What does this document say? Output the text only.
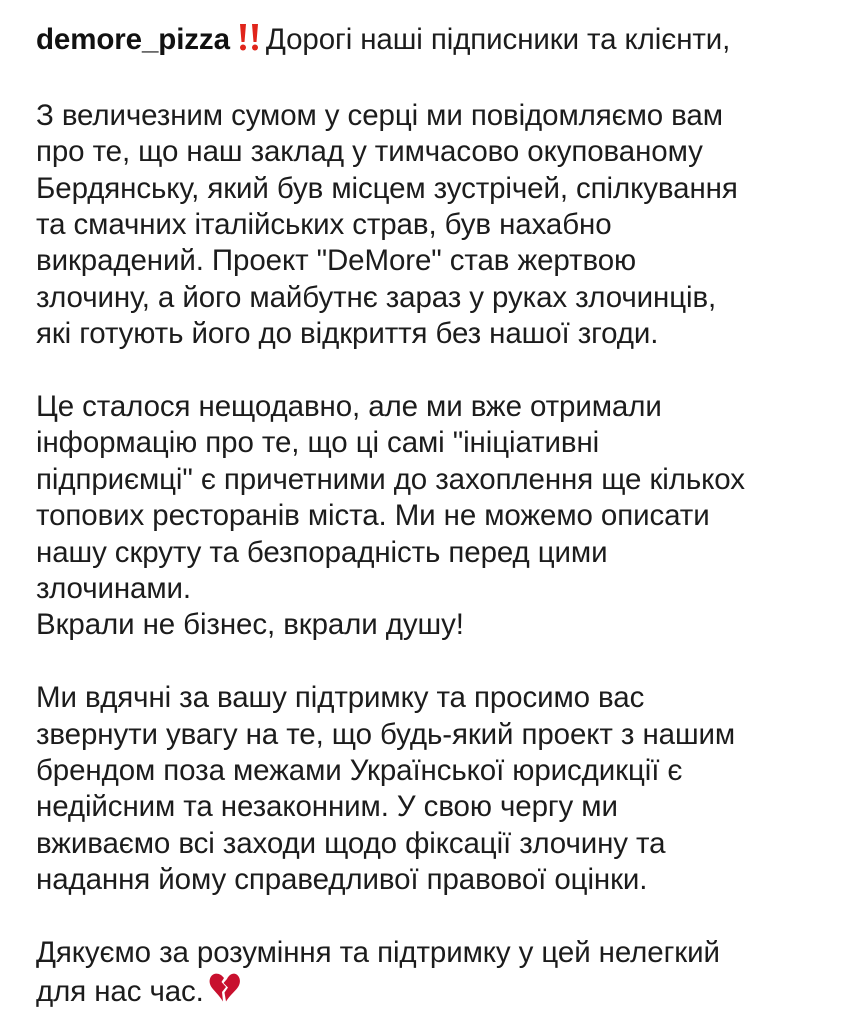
demore_pizza Дорогі наші підписники та клієнти,
З величезним сумом у серці ми повідомляємо вам
про те, що наш заклад у тимчасово окупованому
Бердянську, який був місцем зустрічей, спілкування
та смачних італійських страв, був нахабно
викрадений. Проект "DeMore" став жертвою
злочину, а його майбутнє зараз у руках злочинців,
які готують його до відкриття без нашої згоди.
Це сталося нещодавно, але ми вже отримали
інформацію про те, що ці самі "ініціативні
підприємці" є причетними до захоплення ще кількох
топових ресторанів міста. Ми не можемо описати
нашу скруту та безпорадність перед цими
злочинами.
Вкрали не бізнес, вкрали душу!
Ми вдячні за вашу підтримку та просимо вас
звернути увагу на те, що будь-який проект з нашим
брендом поза межами Української юрисдикції є
недійсним та незаконним. У свою чергу ми
вживаємо всі заходи щодо фіксації злочину та
надання йому справедливої правової оцінки.
Дякуємо за розуміння та підтримку у цей нелегкий
для нас час.
